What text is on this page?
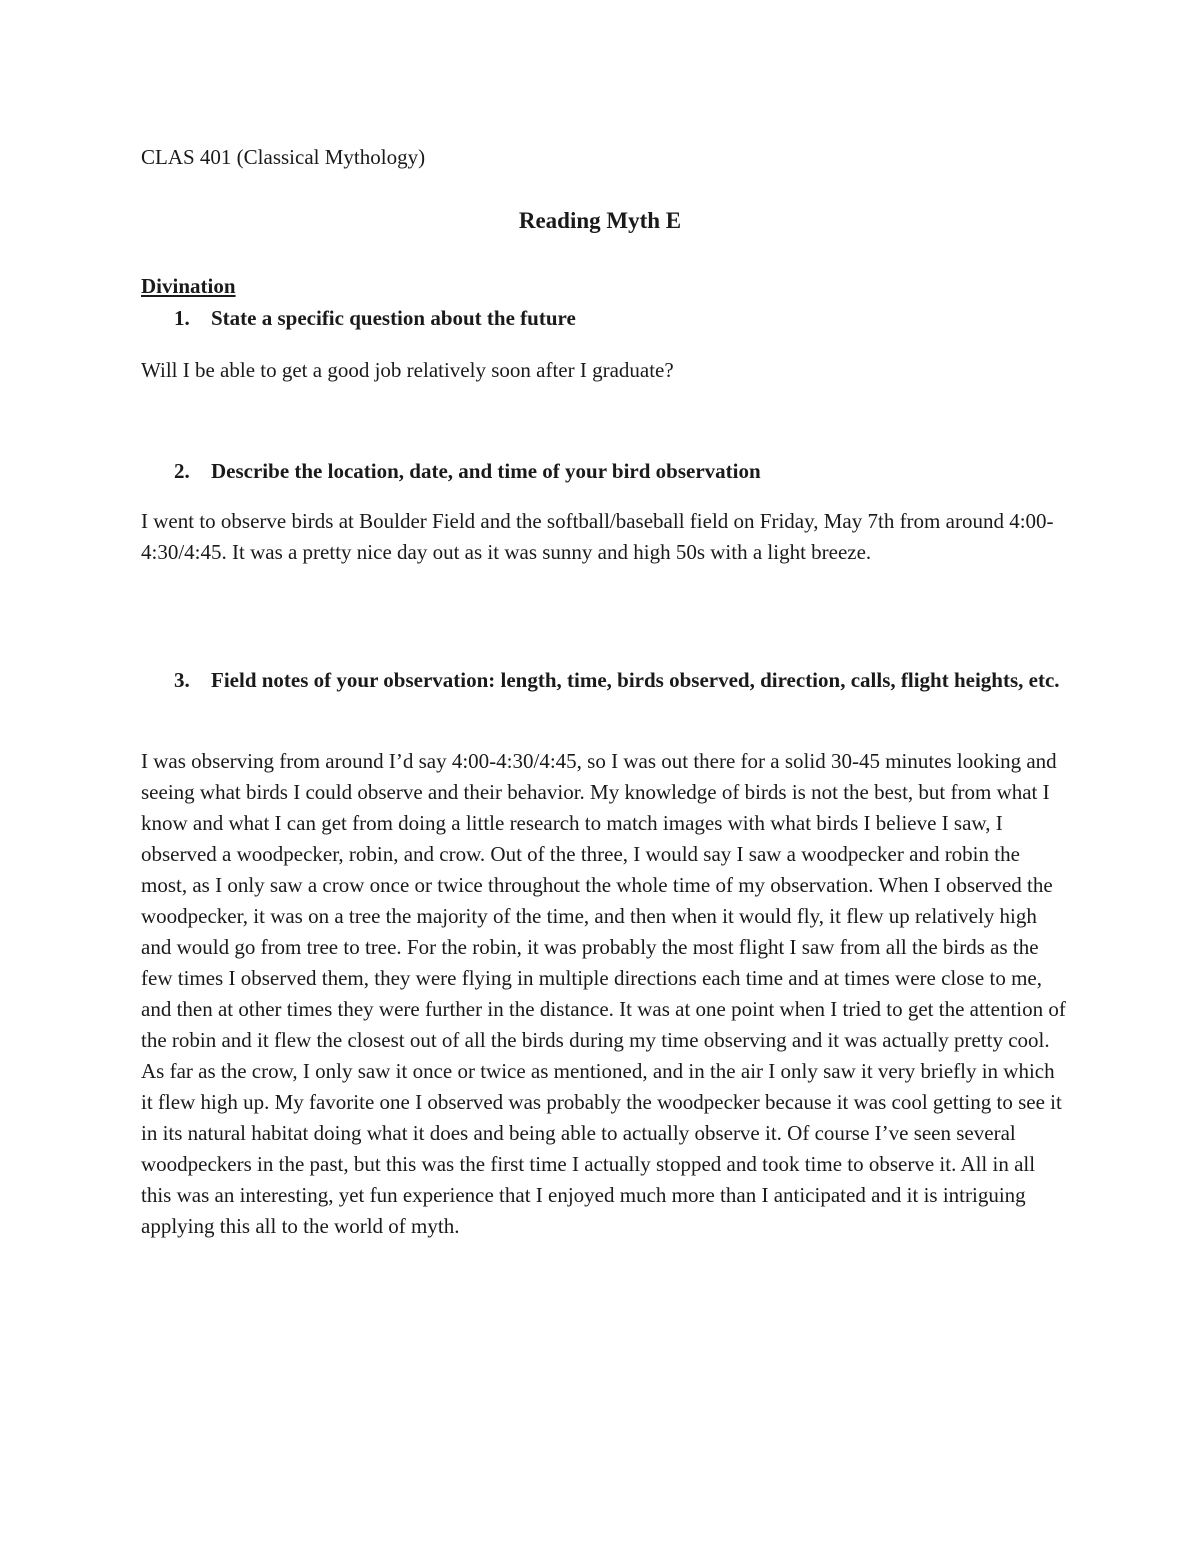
CLAS 401 (Classical Mythology)
Reading Myth E
Divination
1. State a specific question about the future

Will I be able to get a good job relatively soon after I graduate?

2. Describe the location, date, and time of your bird observation

I went to observe birds at Boulder Field and the softball/baseball field on Friday, May 7th from around 4:00-4:30/4:45. It was a pretty nice day out as it was sunny and high 50s with a light breeze.

3. Field notes of your observation: length, time, birds observed, direction, calls, flight heights, etc.

I was observing from around I’d say 4:00-4:30/4:45, so I was out there for a solid 30-45 minutes looking and seeing what birds I could observe and their behavior. My knowledge of birds is not the best, but from what I know and what I can get from doing a little research to match images with what birds I believe I saw, I observed a woodpecker, robin, and crow. Out of the three, I would say I saw a woodpecker and robin the most, as I only saw a crow once or twice throughout the whole time of my observation. When I observed the woodpecker, it was on a tree the majority of the time, and then when it would fly, it flew up relatively high and would go from tree to tree. For the robin, it was probably the most flight I saw from all the birds as the few times I observed them, they were flying in multiple directions each time and at times were close to me, and then at other times they were further in the distance. It was at one point when I tried to get the attention of the robin and it flew the closest out of all the birds during my time observing and it was actually pretty cool. As far as the crow, I only saw it once or twice as mentioned, and in the air I only saw it very briefly in which it flew high up. My favorite one I observed was probably the woodpecker because it was cool getting to see it in its natural habitat doing what it does and being able to actually observe it. Of course I’ve seen several woodpeckers in the past, but this was the first time I actually stopped and took time to observe it. All in all this was an interesting, yet fun experience that I enjoyed much more than I anticipated and it is intriguing applying this all to the world of myth.
